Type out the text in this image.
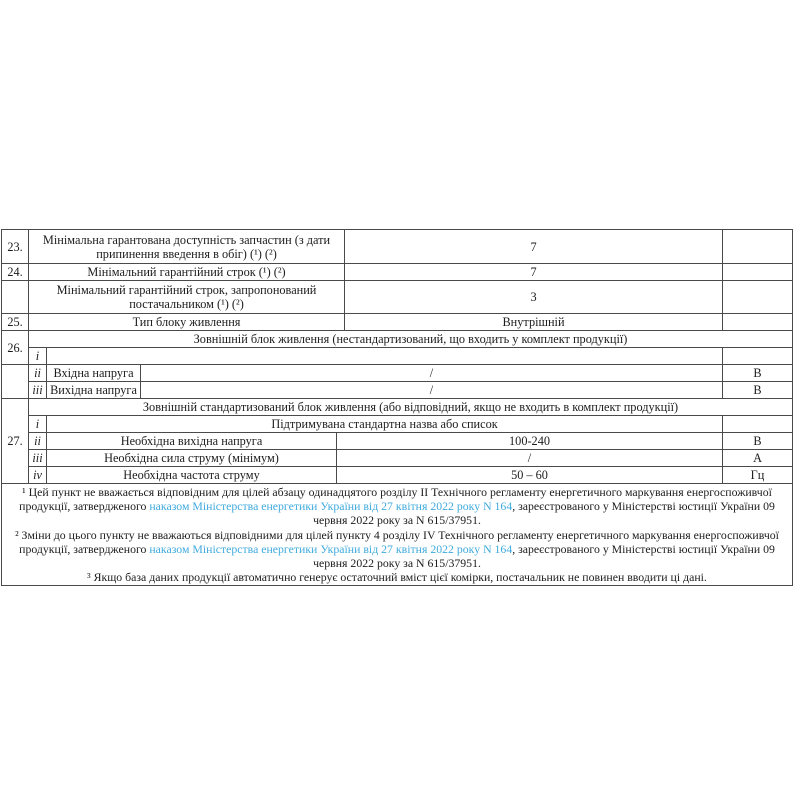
23.	Мінімальна гарантована доступність запчастин (з дати припинення введення в обіг) (¹) (²)				7	
24.	Мінімальний гарантійний строк (¹) (²)				7	
	Мінімальний гарантійний строк, запропонований постачальником (¹) (²)				3	
25.	Тип блоку живлення				Внутрішній	
26.	Зовнішній блок живлення (нестандартизований, що входить у комплект продукції)					
	i					
	ii	Вхідна напруга	/			В
	iii	Вихідна напруга	/			В
27.	Зовнішній стандартизований блок живлення (або відповідний, якщо не входить в комплект продукції)					
	i	Підтримувана стандартна назва або список				
	ii	Необхідна вихідна напруга		100-240		В
	iii	Необхідна сила струму (мінімум)		/		А
	iv	Необхідна частота струму		50 – 60		Гц

¹ Цей пункт не вважається відповідним для цілей абзацу одинадцятого розділу II Технічного регламенту енергетичного маркування енергоспоживчої продукції, затвердженого наказом Міністерства енергетики України від 27 квітня 2022 року N 164, зареєстрованого у Міністерстві юстиції України 09 червня 2022 року за N 615/37951.

² Зміни до цього пункту не вважаються відповідними для цілей пункту 4 розділу IV Технічного регламенту енергетичного маркування енергоспоживчої продукції, затвердженого наказом Міністерства енергетики України від 27 квітня 2022 року N 164, зареєстрованого у Міністерстві юстиції України 09 червня 2022 року за N 615/37951.

³ Якщо база даних продукції автоматично генерує остаточний вміст цієї комірки, постачальник не повинен вводити ці дані.						
